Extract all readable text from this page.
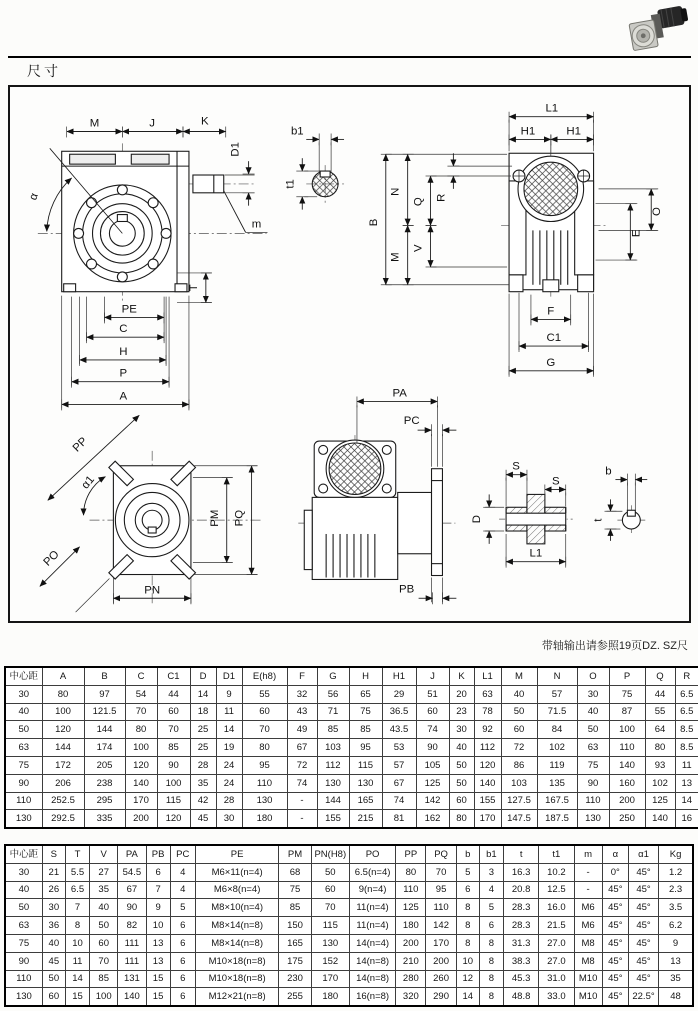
尺寸
M	J	K
D1
T
PE
C
H
P
A
α
m
b1
t1
L1
H1	H1
B
N
Q R
M
V
O
E
F
C1
G
PP
α1
PM PQ
PO
PN
PA
PC
PB
S
S
D
L1
b
t
带轴输出请参照19页DZ. SZ尺
中心距	A	B	C	C1	D	D1	E(h8)	F	G	H	H1	J	K	L1	M	N	O	P	Q	R
30	80	97	54	44	14	9	55	32	56	65	29	51	20	63	40	57	30	75	44	6.5
40	100	121.5	70	60	18	11	60	43	71	75	36.5	60	23	78	50	71.5	40	87	55	6.5
50	120	144	80	70	25	14	70	49	85	85	43.5	74	30	92	60	84	50	100	64	8.5
63	144	174	100	85	25	19	80	67	103	95	53	90	40	112	72	102	63	110	80	8.5
75	172	205	120	90	28	24	95	72	112	115	57	105	50	120	86	119	75	140	93	11
90	206	238	140	100	35	24	110	74	130	130	67	125	50	140	103	135	90	160	102	13
110	252.5	295	170	115	42	28	130	-	144	165	74	142	60	155	127.5	167.5	110	200	125	14
130	292.5	335	200	120	45	30	180	-	155	215	81	162	80	170	147.5	187.5	130	250	140	16
中心距	S	T	V	PA	PB	PC	PE	PM	PN(H8)	PO	PP	PQ	b	b1	t	t1	m	α	α1	Kg
30	21	5.5	27	54.5	6	4	M6×11(n=4)	68	50	6.5(n=4)	80	70	5	3	16.3	10.2	-	0°	45°	1.2
40	26	6.5	35	67	7	4	M6×8(n=4)	75	60	9(n=4)	110	95	6	4	20.8	12.5	-	45°	45°	2.3
50	30	7	40	90	9	5	M8×10(n=4)	85	70	11(n=4)	125	110	8	5	28.3	16.0	M6	45°	45°	3.5
63	36	8	50	82	10	6	M8×14(n=8)	150	115	11(n=4)	180	142	8	6	28.3	21.5	M6	45°	45°	6.2
75	40	10	60	111	13	6	M8×14(n=8)	165	130	14(n=4)	200	170	8	8	31.3	27.0	M8	45°	45°	9
90	45	11	70	111	13	6	M10×18(n=8)	175	152	14(n=8)	210	200	10	8	38.3	27.0	M8	45°	45°	13
110	50	14	85	131	15	6	M10×18(n=8)	230	170	14(n=8)	280	260	12	8	45.3	31.0	M10	45°	45°	35
130	60	15	100	140	15	6	M12×21(n=8)	255	180	16(n=8)	320	290	14	8	48.8	33.0	M10	45°	22.5°	48
